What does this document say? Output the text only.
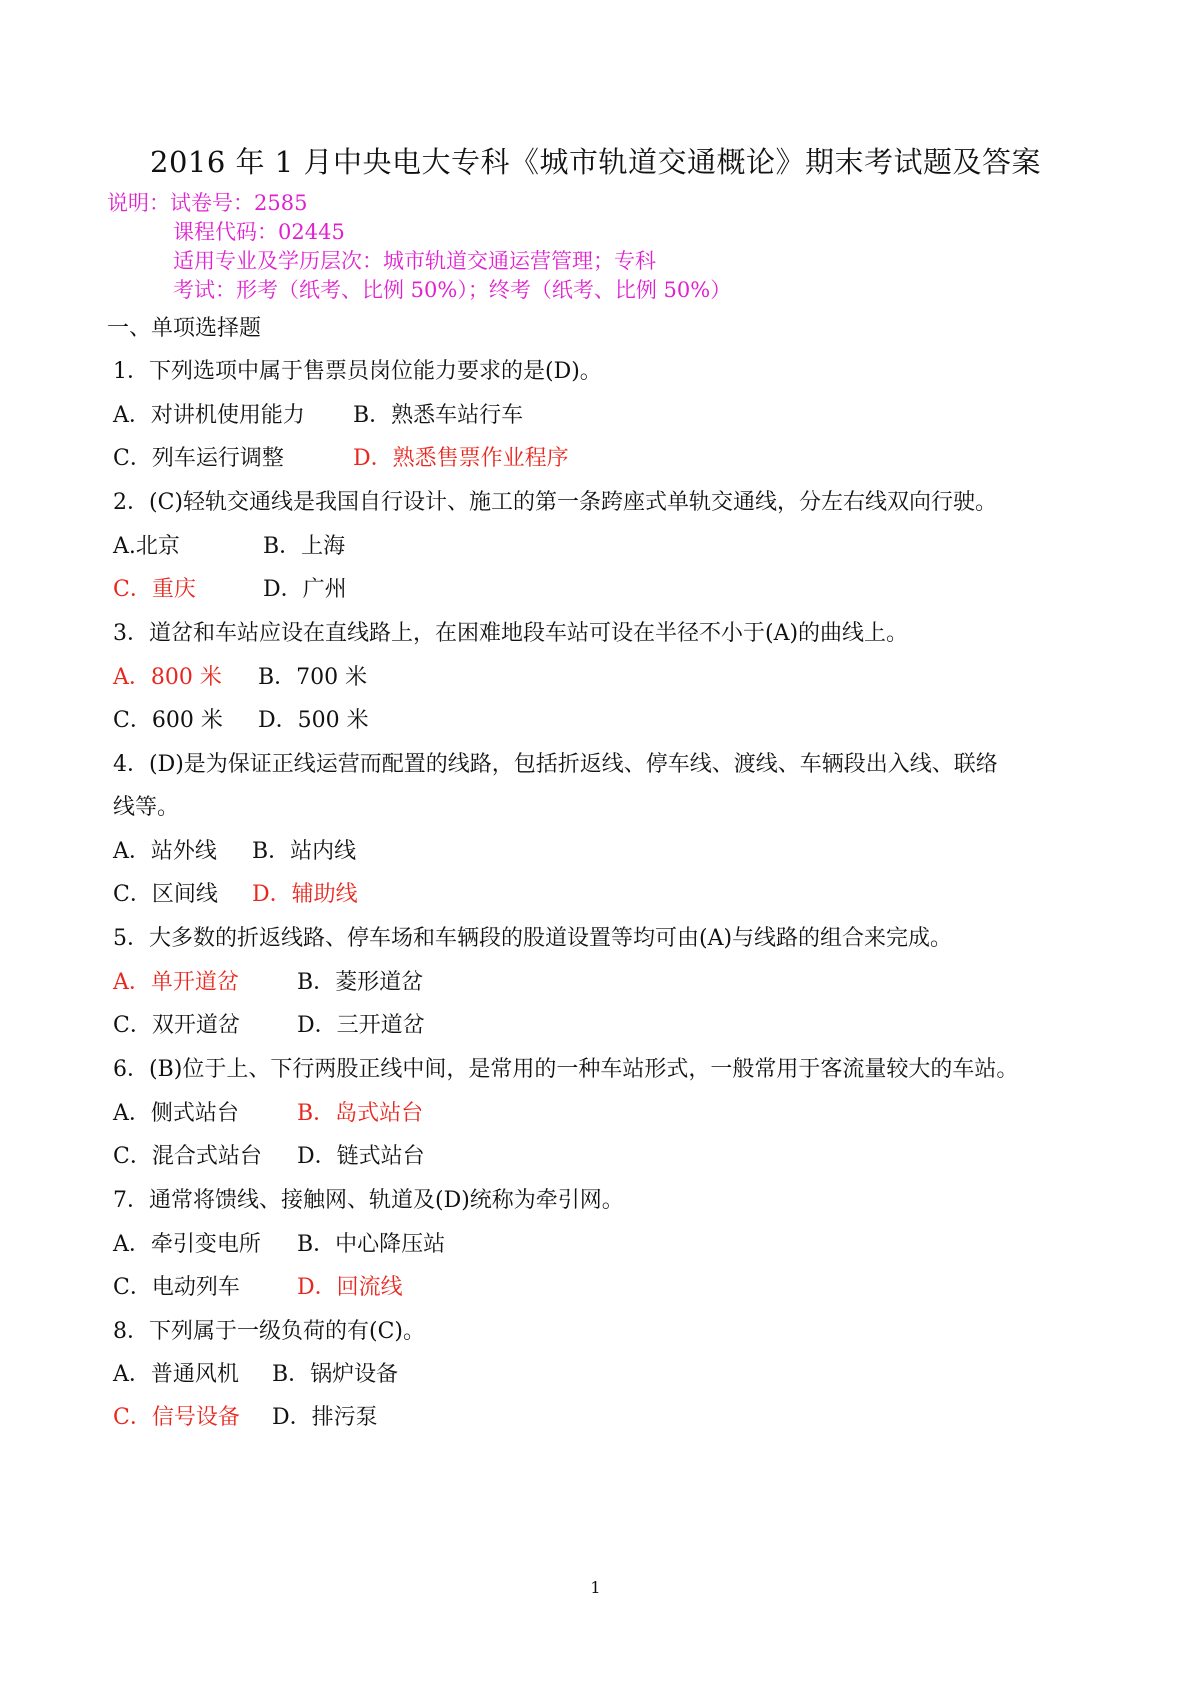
2016 年 1 月中央电大专科《城市轨道交通概论》期末考试题及答案
说明：试卷号：2585
课程代码：02445
适用专业及学历层次：城市轨道交通运营管理；专科
考试：形考（纸考、比例 50%）；终考（纸考、比例 50%）
一、单项选择题
1．下列选项中属于售票员岗位能力要求的是(D)。
A．对讲机使用能力 B．熟悉车站行车
C．列车运行调整	D．熟悉售票作业程序
2．(C)轻轨交通线是我国自行设计、施工的第一条跨座式单轨交通线，分左右线双向行驶。
A.北京	B．上海
C．重庆	D．广州
3．道岔和车站应设在直线路上，在困难地段车站可设在半径不小于(A)的曲线上。
A．800 米 B．700 米
C．600 米 D．500 米
4．(D)是为保证正线运营而配置的线路，包括折返线、停车线、渡线、车辆段出入线、联络
线等。
A．站外线 B．站内线
C．区间线 D．辅助线
5．大多数的折返线路、停车场和车辆段的股道设置等均可由(A)与线路的组合来完成。
A．单开道岔	B．菱形道岔
C．双开道岔	D．三开道岔
6．(B)位于上、下行两股正线中间，是常用的一种车站形式，一般常用于客流量较大的车站。
A．侧式站台	B．岛式站台
C．混合式站台 D．链式站台
7．通常将馈线、接触网、轨道及(D)统称为牵引网。
A．牵引变电所 B．中心降压站
C．电动列车	D．回流线
8．下列属于一级负荷的有(C)。
A．普通风机 B．锅炉设备
C．信号设备 D．排污泵
1
